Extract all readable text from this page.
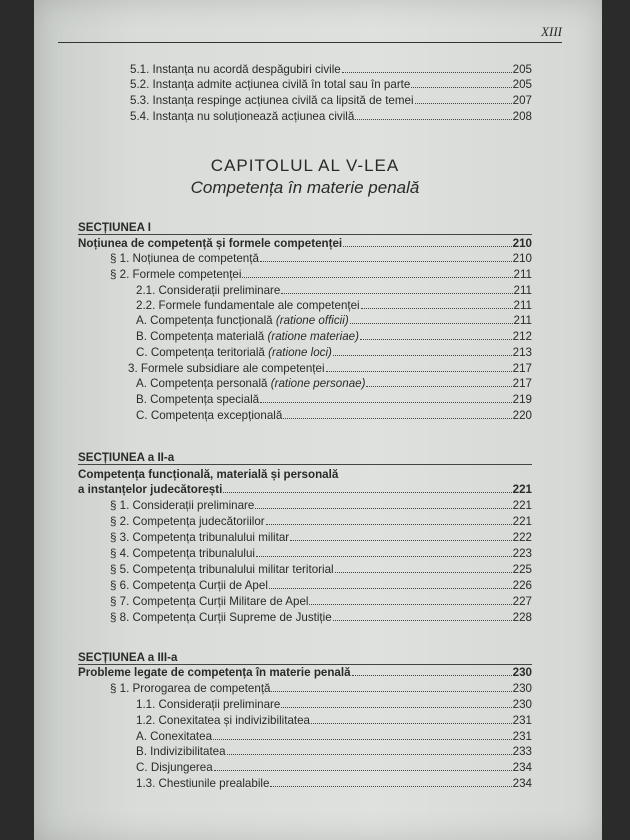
XIII
5.1. Instanța nu acordă despăgubiri civile	205
5.2. Instanța admite acțiunea civilă în total sau în parte	205
5.3. Instanța respinge acțiunea civilă ca lipsită de temei	207
5.4. Instanța nu soluționează acțiunea civilă	208
CAPITOLUL AL V-LEA
Competența în materie penală
SECȚIUNEA I
Noțiunea de competență și formele competenței	210
§ 1. Noțiunea de competență	210
§ 2. Formele competenței	211
2.1. Considerații preliminare	211
2.2. Formele fundamentale ale competenței	211
A. Competența funcțională (ratione officii)	211
B. Competența materială (ratione materiae)	212
C. Competența teritorială (ratione loci)	213
3. Formele subsidiare ale competenței	217
A. Competența personală (ratione personae)	217
B. Competența specială	219
C. Competența excepțională	220
SECȚIUNEA a II-a
Competența funcțională, materială și personală
a instanțelor judecătorești	221
§ 1. Considerații preliminare	221
§ 2. Competența judecătoriilor	221
§ 3. Competența tribunalului militar	222
§ 4. Competența tribunalului	223
§ 5. Competența tribunalului militar teritorial	225
§ 6. Competența Curții de Apel	226
§ 7. Competența Curții Militare de Apel	227
§ 8. Competența Curții Supreme de Justiție	228
SECȚIUNEA a III-a
Probleme legate de competența în materie penală	230
§ 1. Prorogarea de competență	230
1.1. Considerații preliminare	230
1.2. Conexitatea și indivizibilitatea	231
A. Conexitatea	231
B. Indivizibilitatea	233
C. Disjungerea	234
1.3. Chestiunile prealabile	234
